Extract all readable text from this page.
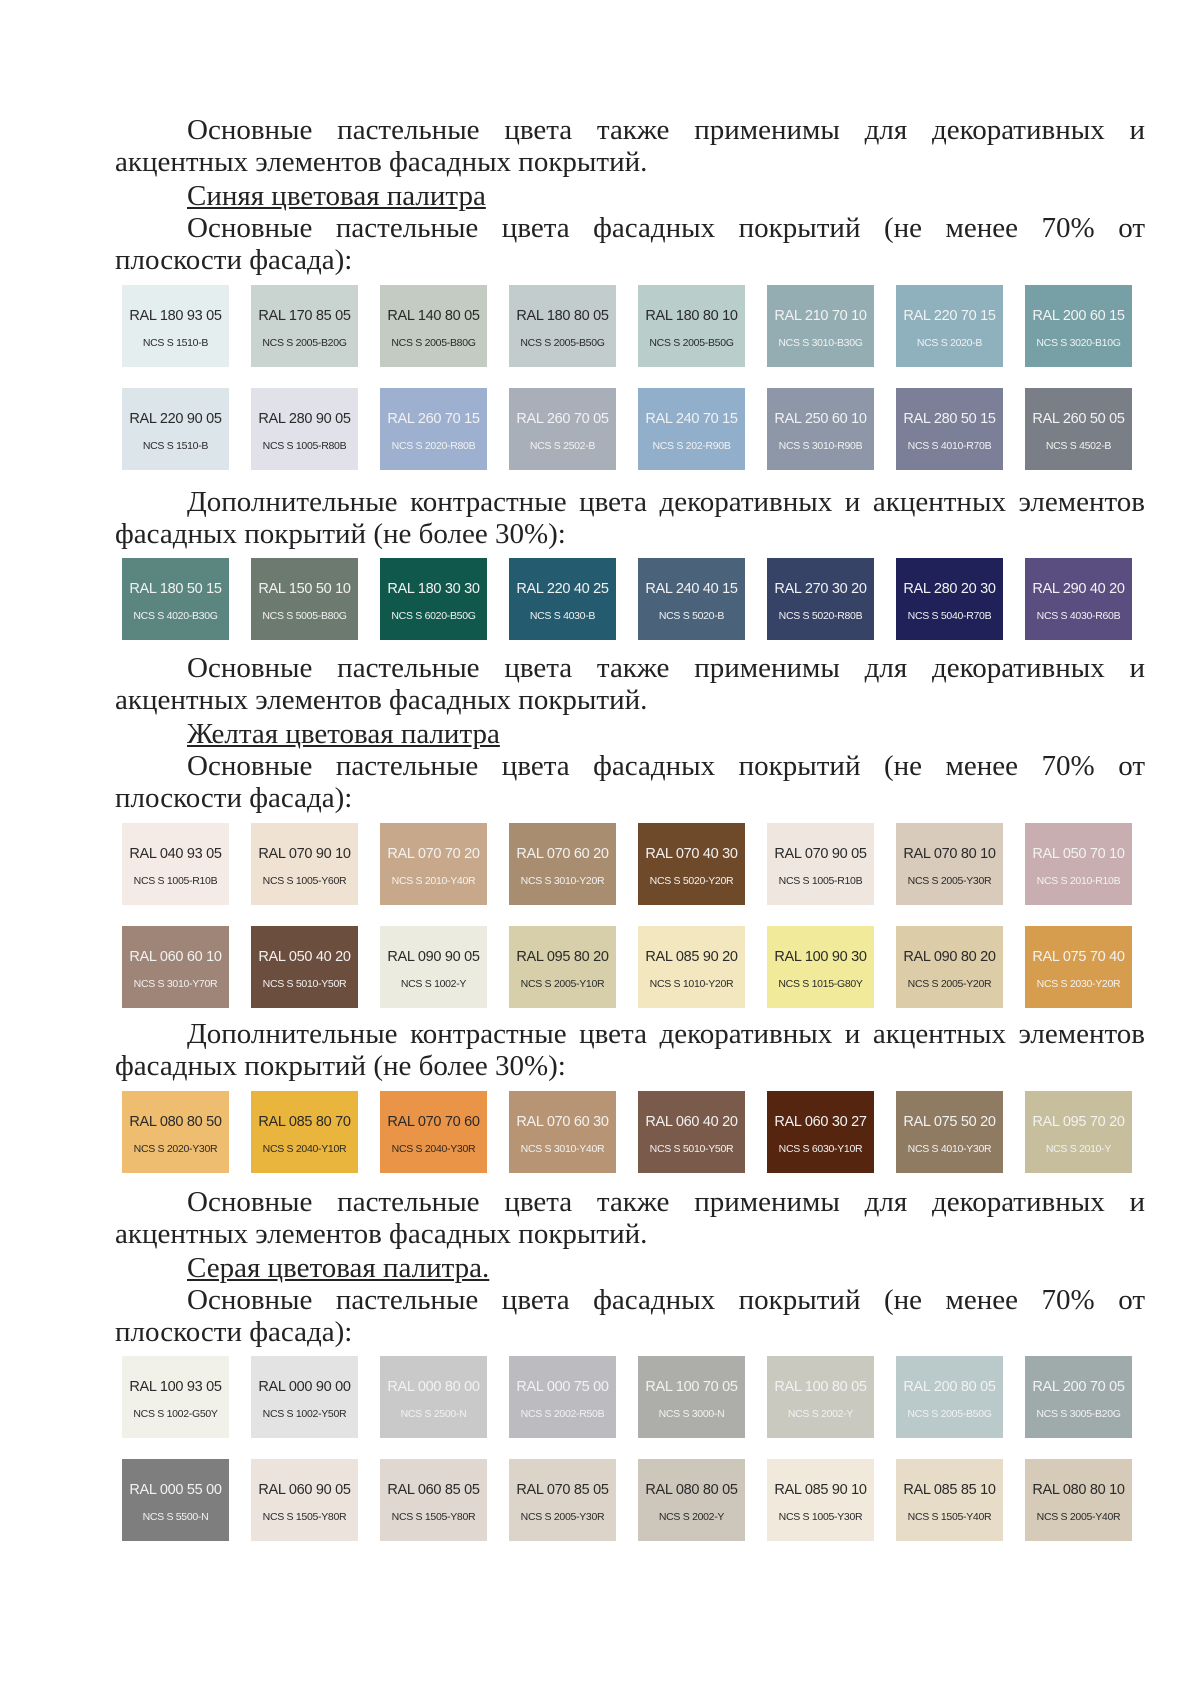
Основные пастельные цвета также применимы для декоративных и акцентных элементов фасадных покрытий.

Синяя цветовая палитра

Основные пастельные цвета фасадных покрытий (не менее 70% от плоскости фасада):

RAL 180 93 05
NCS S 1510-B
RAL 170 85 05
NCS S 2005-B20G
RAL 140 80 05
NCS S 2005-B80G
RAL 180 80 05
NCS S 2005-B50G
RAL 180 80 10
NCS S 2005-B50G
RAL 210 70 10
NCS S 3010-B30G
RAL 220 70 15
NCS S 2020-B
RAL 200 60 15
NCS S 3020-B10G
RAL 220 90 05
NCS S 1510-B
RAL 280 90 05
NCS S 1005-R80B
RAL 260 70 15
NCS S 2020-R80B
RAL 260 70 05
NCS S 2502-B
RAL 240 70 15
NCS S 202-R90B
RAL 250 60 10
NCS S 3010-R90B
RAL 280 50 15
NCS S 4010-R70B
RAL 260 50 05
NCS S 4502-B

Дополнительные контрастные цвета декоративных и акцентных элементов фасадных покрытий (не более 30%):

RAL 180 50 15
NCS S 4020-B30G
RAL 150 50 10
NCS S 5005-B80G
RAL 180 30 30
NCS S 6020-B50G
RAL 220 40 25
NCS S 4030-B
RAL 240 40 15
NCS S 5020-B
RAL 270 30 20
NCS S 5020-R80B
RAL 280 20 30
NCS S 5040-R70B
RAL 290 40 20
NCS S 4030-R60B

Основные пастельные цвета также применимы для декоративных и акцентных элементов фасадных покрытий.

Желтая цветовая палитра

Основные пастельные цвета фасадных покрытий (не менее 70% от плоскости фасада):

RAL 040 93 05
NCS S 1005-R10B
RAL 070 90 10
NCS S 1005-Y60R
RAL 070 70 20
NCS S 2010-Y40R
RAL 070 60 20
NCS S 3010-Y20R
RAL 070 40 30
NCS S 5020-Y20R
RAL 070 90 05
NCS S 1005-R10B
RAL 070 80 10
NCS S 2005-Y30R
RAL 050 70 10
NCS S 2010-R10B
RAL 060 60 10
NCS S 3010-Y70R
RAL 050 40 20
NCS S 5010-Y50R
RAL 090 90 05
NCS S 1002-Y
RAL 095 80 20
NCS S 2005-Y10R
RAL 085 90 20
NCS S 1010-Y20R
RAL 100 90 30
NCS S 1015-G80Y
RAL 090 80 20
NCS S 2005-Y20R
RAL 075 70 40
NCS S 2030-Y20R

Дополнительные контрастные цвета декоративных и акцентных элементов фасадных покрытий (не более 30%):

RAL 080 80 50
NCS S 2020-Y30R
RAL 085 80 70
NCS S 2040-Y10R
RAL 070 70 60
NCS S 2040-Y30R
RAL 070 60 30
NCS S 3010-Y40R
RAL 060 40 20
NCS S 5010-Y50R
RAL 060 30 27
NCS S 6030-Y10R
RAL 075 50 20
NCS S 4010-Y30R
RAL 095 70 20
NCS S 2010-Y

Основные пастельные цвета также применимы для декоративных и акцентных элементов фасадных покрытий.

Серая цветовая палитра.

Основные пастельные цвета фасадных покрытий (не менее 70% от плоскости фасада):

RAL 100 93 05
NCS S 1002-G50Y
RAL 000 90 00
NCS S 1002-Y50R
RAL 000 80 00
NCS S 2500-N
RAL 000 75 00
NCS S 2002-R50B
RAL 100 70 05
NCS S 3000-N
RAL 100 80 05
NCS S 2002-Y
RAL 200 80 05
NCS S 2005-B50G
RAL 200 70 05
NCS S 3005-B20G
RAL 000 55 00
NCS S 5500-N
RAL 060 90 05
NCS S 1505-Y80R
RAL 060 85 05
NCS S 1505-Y80R
RAL 070 85 05
NCS S 2005-Y30R
RAL 080 80 05
NCS S 2002-Y
RAL 085 90 10
NCS S 1005-Y30R
RAL 085 85 10
NCS S 1505-Y40R
RAL 080 80 10
NCS S 2005-Y40R
